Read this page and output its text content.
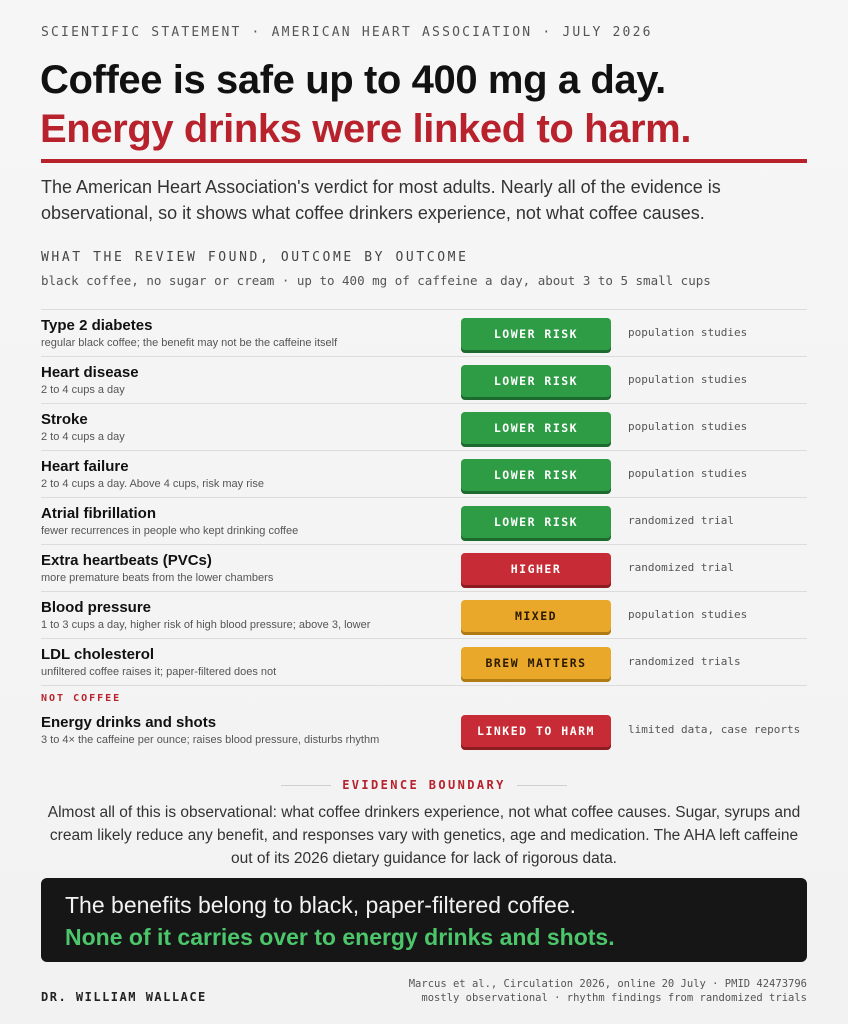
SCIENTIFIC STATEMENT · AMERICAN HEART ASSOCIATION · JULY 2026
Coffee is safe up to 400 mg a day.
Energy drinks were linked to harm.
The American Heart Association's verdict for most adults. Nearly all of the evidence is observational, so it shows what coffee drinkers experience, not what coffee causes.
WHAT THE REVIEW FOUND, OUTCOME BY OUTCOME
black coffee, no sugar or cream · up to 400 mg of caffeine a day, about 3 to 5 small cups
Type 2 diabetes
regular black coffee; the benefit may not be the caffeine itself
LOWER RISK	population studies
Heart disease
2 to 4 cups a day
LOWER RISK	population studies
Stroke
2 to 4 cups a day
LOWER RISK	population studies
Heart failure
2 to 4 cups a day. Above 4 cups, risk may rise
LOWER RISK	population studies
Atrial fibrillation
fewer recurrences in people who kept drinking coffee
LOWER RISK	randomized trial
Extra heartbeats (PVCs)
more premature beats from the lower chambers
HIGHER	randomized trial
Blood pressure
1 to 3 cups a day, higher risk of high blood pressure; above 3, lower
MIXED	population studies
LDL cholesterol
unfiltered coffee raises it; paper-filtered does not
BREW MATTERS	randomized trials
NOT COFFEE
Energy drinks and shots
3 to 4× the caffeine per ounce; raises blood pressure, disturbs rhythm
LINKED TO HARM	limited data, case reports
EVIDENCE BOUNDARY
Almost all of this is observational: what coffee drinkers experience, not what coffee causes. Sugar, syrups and cream likely reduce any benefit, and responses vary with genetics, age and medication. The AHA left caffeine out of its 2026 dietary guidance for lack of rigorous data.
The benefits belong to black, paper-filtered coffee.
None of it carries over to energy drinks and shots.
DR. WILLIAM WALLACE
Marcus et al., Circulation 2026, online 20 July · PMID 42473796
mostly observational · rhythm findings from randomized trials
